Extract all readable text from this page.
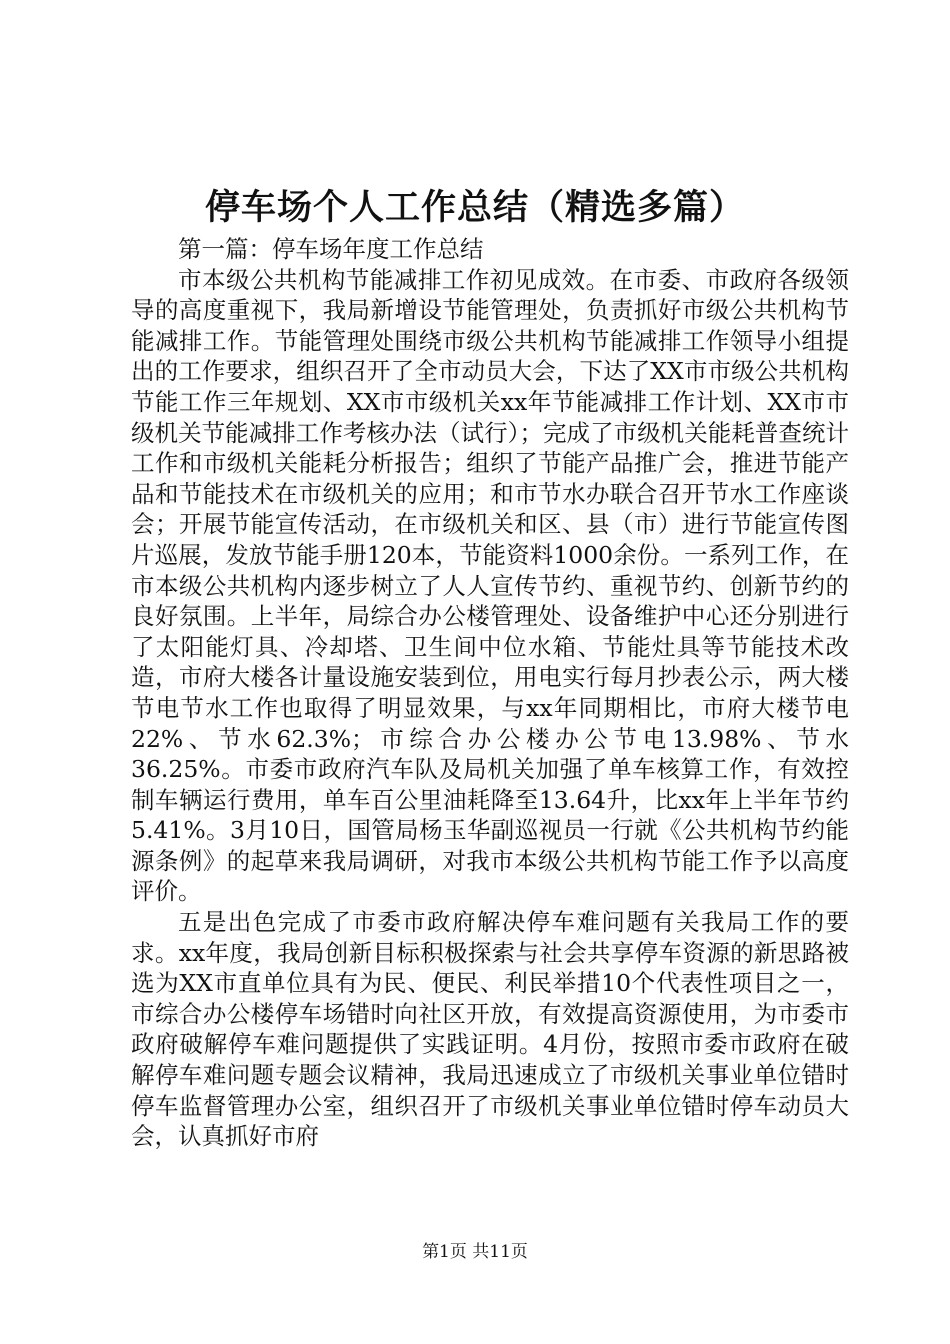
停车场个人工作总结（精选多篇）

第一篇：停车场年度工作总结

市本级公共机构节能减排工作初见成效。在市委、市政府各级领导的高度重视下，我局新增设节能管理处，负责抓好市级公共机构节能减排工作。节能管理处围绕市级公共机构节能减排工作领导小组提出的工作要求，组织召开了全市动员大会，下达了XX市市级公共机构节能工作三年规划、XX市市级机关xx年节能减排工作计划、XX市市级机关节能减排工作考核办法（试行）；完成了市级机关能耗普查统计工作和市级机关能耗分析报告；组织了节能产品推广会，推进节能产品和节能技术在市级机关的应用；和市节水办联合召开节水工作座谈会；开展节能宣传活动，在市级机关和区、县（市）进行节能宣传图片巡展，发放节能手册120本，节能资料1000余份。一系列工作，在市本级公共机构内逐步树立了人人宣传节约、重视节约、创新节约的良好氛围。上半年，局综合办公楼管理处、设备维护中心还分别进行了太阳能灯具、冷却塔、卫生间中位水箱、节能灶具等节能技术改造，市府大楼各计量设施安装到位，用电实行每月抄表公示，两大楼节电节水工作也取得了明显效果，与xx年同期相比，市府大楼节电22%、节水62.3%；市综合办公楼办公节电13.98%、节水36.25%。市委市政府汽车队及局机关加强了单车核算工作，有效控制车辆运行费用，单车百公里油耗降至13.64升，比xx年上半年节约5.41%。3月10日，国管局杨玉华副巡视员一行就《公共机构节约能源条例》的起草来我局调研，对我市本级公共机构节能工作予以高度评价。

五是出色完成了市委市政府解决停车难问题有关我局工作的要求。xx年度，我局创新目标积极探索与社会共享停车资源的新思路被选为XX市直单位具有为民、便民、利民举措10个代表性项目之一，市综合办公楼停车场错时向社区开放，有效提高资源使用，为市委市政府破解停车难问题提供了实践证明。4月份，按照市委市政府在破解停车难问题专题会议精神，我局迅速成立了市级机关事业单位错时停车监督管理办公室，组织召开了市级机关事业单位错时停车动员大会，认真抓好市府

第1页 共11页
